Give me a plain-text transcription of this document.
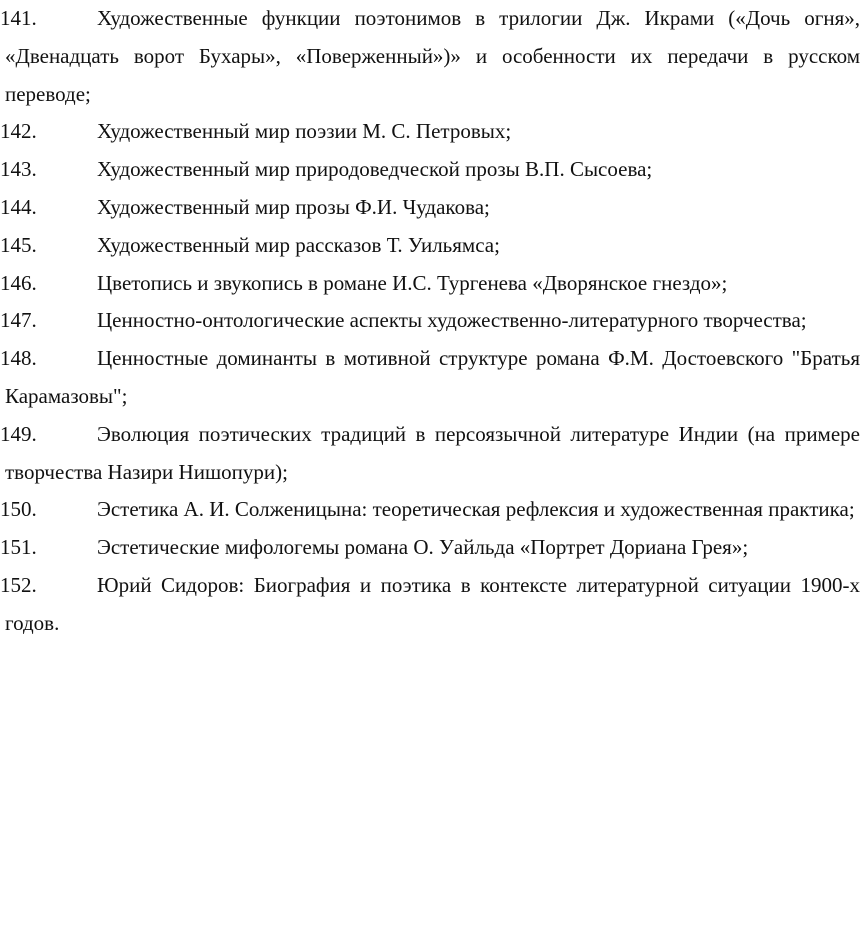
141.	Художественные функции поэтонимов в трилогии Дж. Икрами («Дочь огня», «Двенадцать ворот Бухары», «Поверженный»)» и особенности их передачи в русском переводе;

142.	Художественный мир поэзии М. С. Петровых;

143.	Художественный мир природоведческой прозы В.П. Сысоева;

144.	Художественный мир прозы Ф.И. Чудакова;

145.	Художественный мир рассказов Т. Уильямса;

146.	Цветопись и звукопись в романе И.С. Тургенева «Дворянское гнездо»;

147.	Ценностно-онтологические аспекты художественно-литературного творчества;

148.	Ценностные доминанты в мотивной структуре романа Ф.М. Достоевского "Братья Карамазовы";

149.	Эволюция поэтических традиций в персоязычной литературе Индии (на примере творчества Назири Нишопури);

150.	Эстетика А. И. Солженицына: теоретическая рефлексия и художественная практика;

151.	Эстетические мифологемы романа О. Уайльда «Портрет Дориана Грея»;

152.	Юрий Сидоров: Биография и поэтика в контексте литературной ситуации 1900-х годов.
